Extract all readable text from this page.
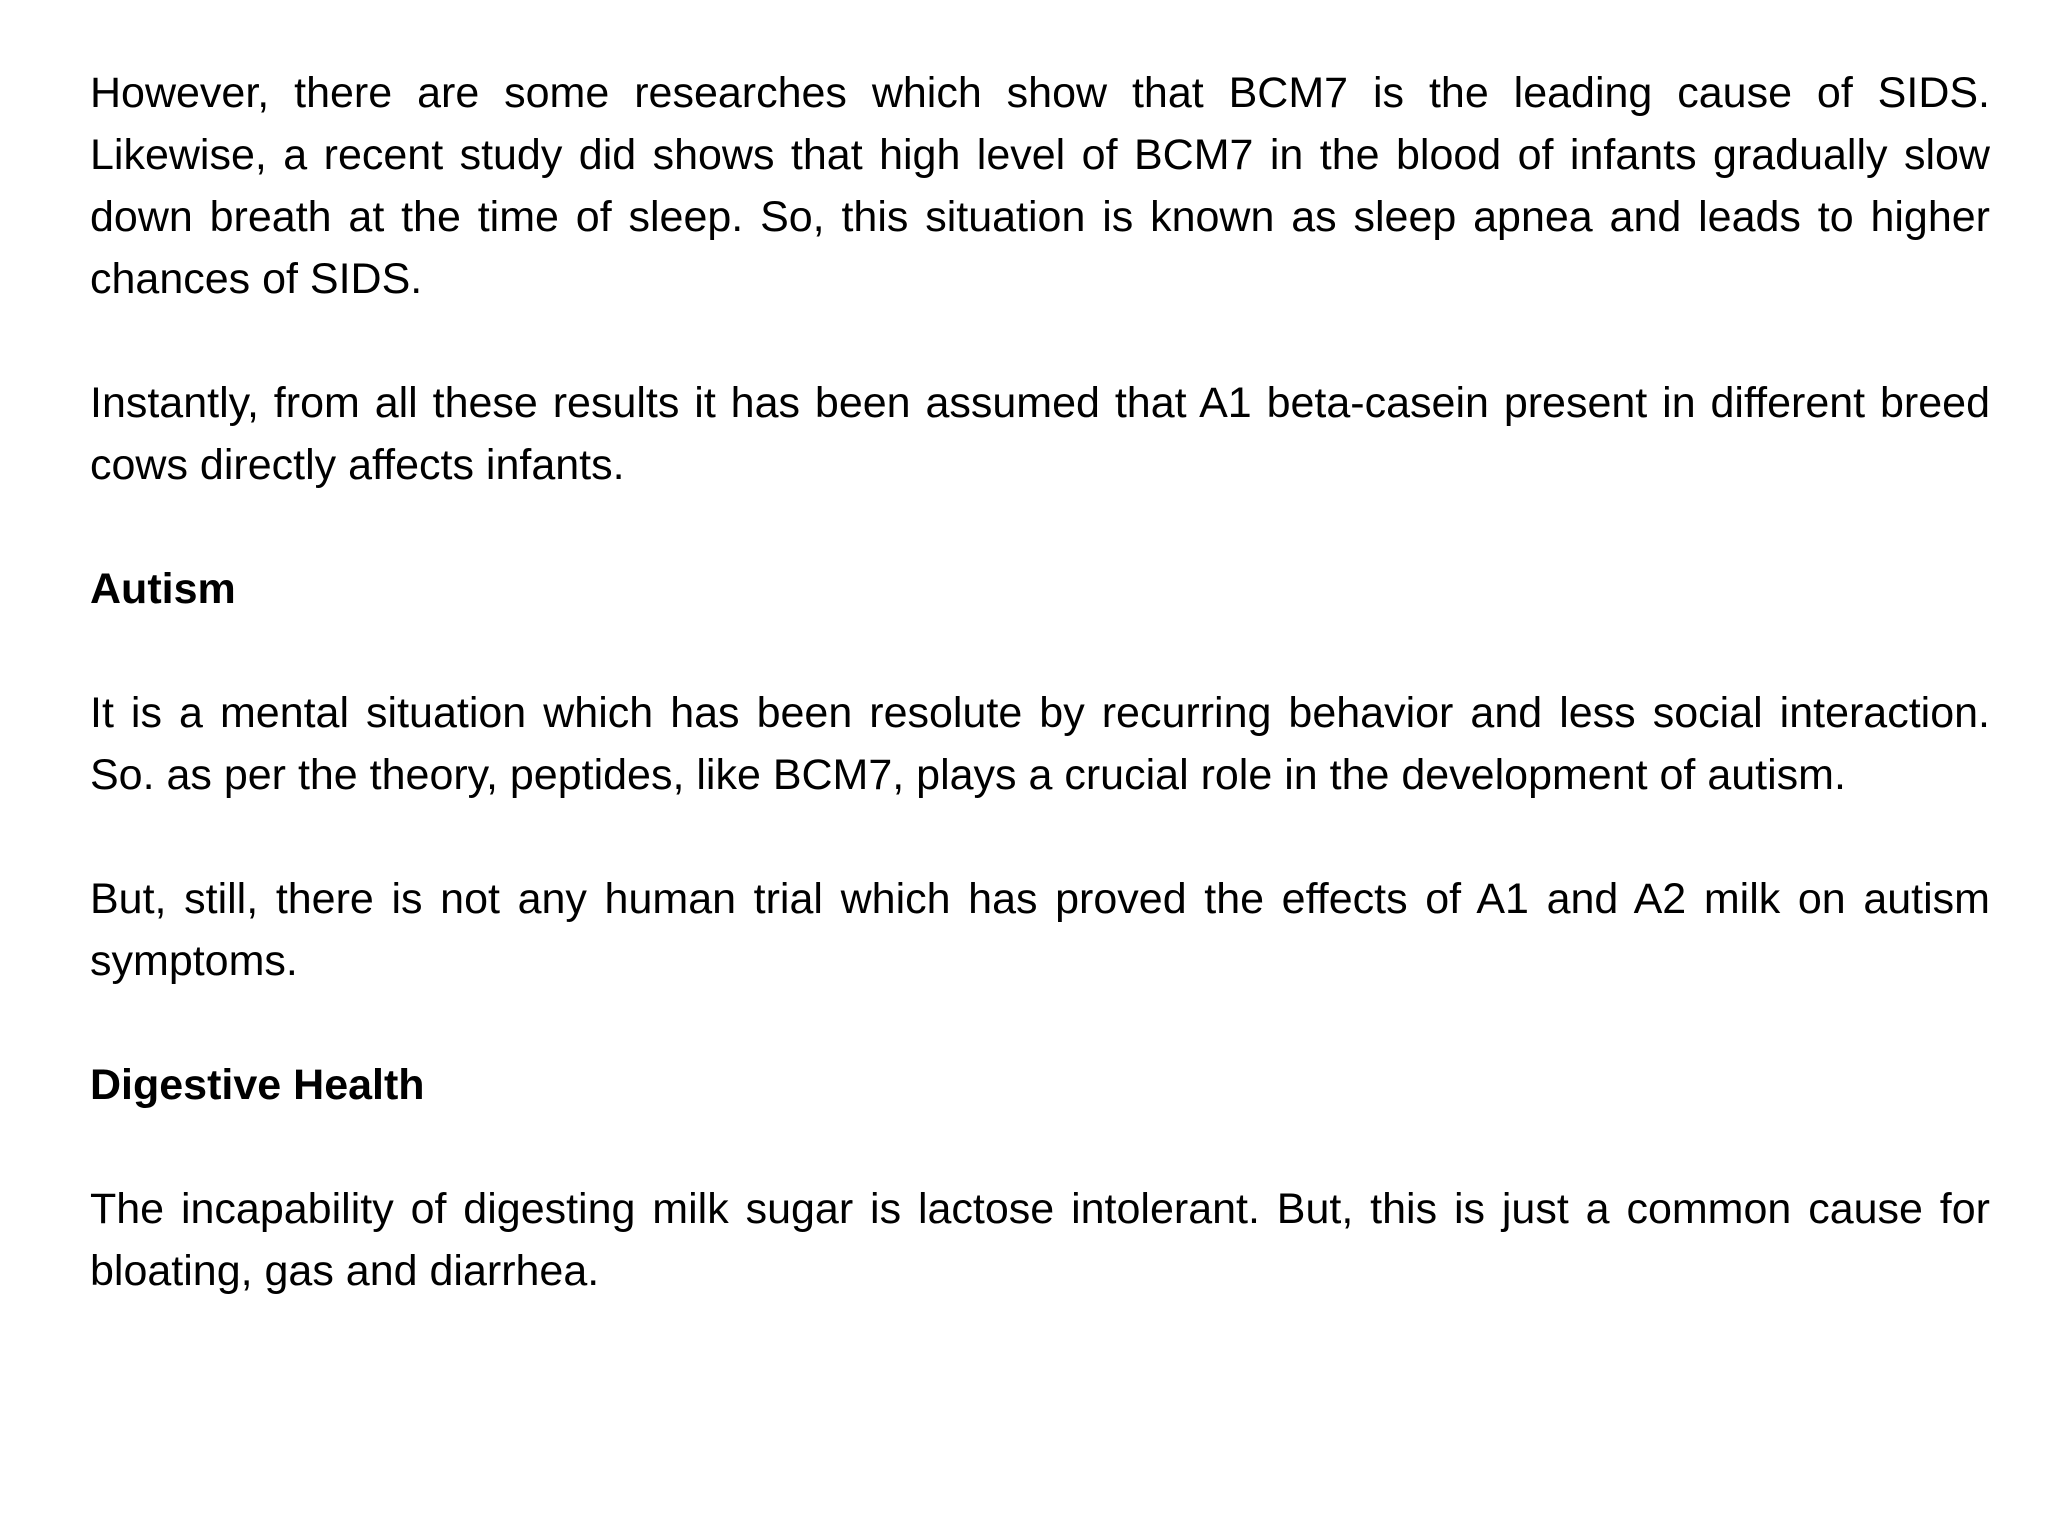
However, there are some researches which show that BCM7 is the leading cause of SIDS. Likewise, a recent study did shows that high level of BCM7 in the blood of infants gradually slow down breath at the time of sleep. So, this situation is known as sleep apnea and leads to higher chances of SIDS.

Instantly, from all these results it has been assumed that A1 beta-casein present in different breed cows directly affects infants.

Autism

It is a mental situation which has been resolute by recurring behavior and less social interaction. So. as per the theory, peptides, like BCM7, plays a crucial role in the development of autism.

But, still, there is not any human trial which has proved the effects of A1 and A2 milk on autism symptoms.

Digestive Health

The incapability of digesting milk sugar is lactose intolerant. But, this is just a common cause for bloating, gas and diarrhea.
